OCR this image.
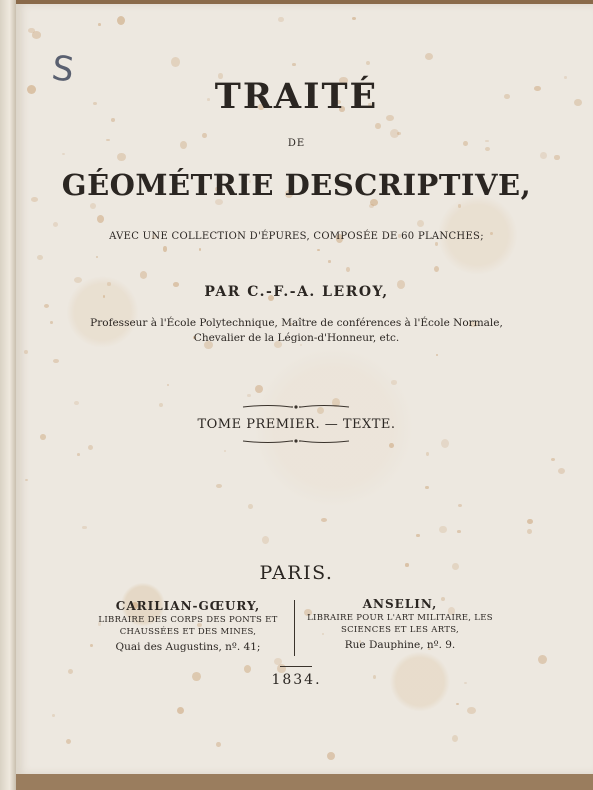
S
TRAITÉ
DE
GÉOMÉTRIE DESCRIPTIVE,
AVEC UNE COLLECTION D'ÉPURES, COMPOSÉE DE 60 PLANCHES;
PAR C.-F.-A. LEROY,
Professeur à l'École Polytechnique, Maître de conférences à l'École Normale,
Chevalier de la Légion-d'Honneur, etc.
TOME PREMIER. — TEXTE.
PARIS.
CARILIAN-GŒURY,
LIBRAIRE DES CORPS DES PONTS ET
CHAUSSÉES ET DES MINES,
Quai des Augustins, nº. 41;
ANSELIN,
LIBRAIRE POUR L'ART MILITAIRE, LES
SCIENCES ET LES ARTS,
Rue Dauphine, nº. 9.
1834.
